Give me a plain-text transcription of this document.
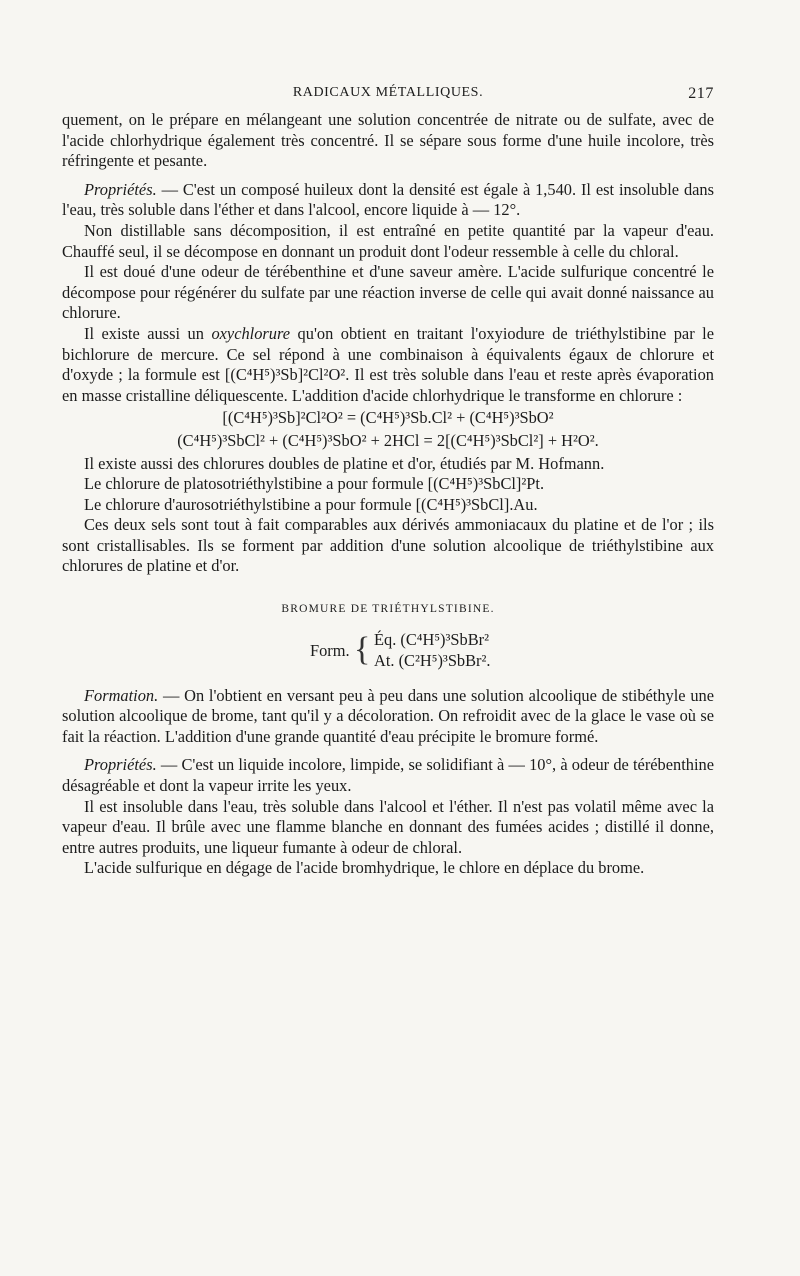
RADICAUX MÉTALLIQUES.	217

quement, on le prépare en mélangeant une solution concentrée de nitrate ou de sulfate, avec de l'acide chlorhydrique également très concentré. Il se sépare sous forme d'une huile incolore, très réfringente et pesante.

Propriétés. — C'est un composé huileux dont la densité est égale à 1,540. Il est insoluble dans l'eau, très soluble dans l'éther et dans l'alcool, encore liquide à — 12°.

Non distillable sans décomposition, il est entraîné en petite quantité par la vapeur d'eau. Chauffé seul, il se décompose en donnant un produit dont l'odeur ressemble à celle du chloral.

Il est doué d'une odeur de térébenthine et d'une saveur amère. L'acide sulfurique concentré le décompose pour régénérer du sulfate par une réaction inverse de celle qui avait donné naissance au chlorure.

Il existe aussi un oxychlorure qu'on obtient en traitant l'oxyiodure de triéthylstibine par le bichlorure de mercure. Ce sel répond à une combinaison à équivalents égaux de chlorure et d'oxyde ; la formule est [(C⁴H⁵)³Sb]²Cl²O². Il est très soluble dans l'eau et reste après évaporation en masse cristalline déliquescente. L'addition d'acide chlorhydrique le transforme en chlorure :

[(C⁴H⁵)³Sb]²Cl²O² = (C⁴H⁵)³Sb.Cl² + (C⁴H⁵)³SbO²

(C⁴H⁵)³SbCl² + (C⁴H⁵)³SbO² + 2HCl = 2[(C⁴H⁵)³SbCl²] + H²O².

Il existe aussi des chlorures doubles de platine et d'or, étudiés par M. Hofmann.

Le chlorure de platosotriéthylstibine a pour formule [(C⁴H⁵)³SbCl]²Pt.

Le chlorure d'aurosotriéthylstibine a pour formule [(C⁴H⁵)³SbCl].Au.

Ces deux sels sont tout à fait comparables aux dérivés ammoniacaux du platine et de l'or ; ils sont cristallisables. Ils se forment par addition d'une solution alcoolique de triéthylstibine aux chlorures de platine et d'or.

BROMURE DE TRIÉTHYLSTIBINE.
Form. { Éq. (C⁴H⁵)³SbBr²
At. (C²H⁵)³SbBr².

Formation. — On l'obtient en versant peu à peu dans une solution alcoolique de stibéthyle une solution alcoolique de brome, tant qu'il y a décoloration. On refroidit avec de la glace le vase où se fait la réaction. L'addition d'une grande quantité d'eau précipite le bromure formé.

Propriétés. — C'est un liquide incolore, limpide, se solidifiant à — 10°, à odeur de térébenthine désagréable et dont la vapeur irrite les yeux.

Il est insoluble dans l'eau, très soluble dans l'alcool et l'éther. Il n'est pas volatil même avec la vapeur d'eau. Il brûle avec une flamme blanche en donnant des fumées acides ; distillé il donne, entre autres produits, une liqueur fumante à odeur de chloral.

L'acide sulfurique en dégage de l'acide bromhydrique, le chlore en déplace du brome.
